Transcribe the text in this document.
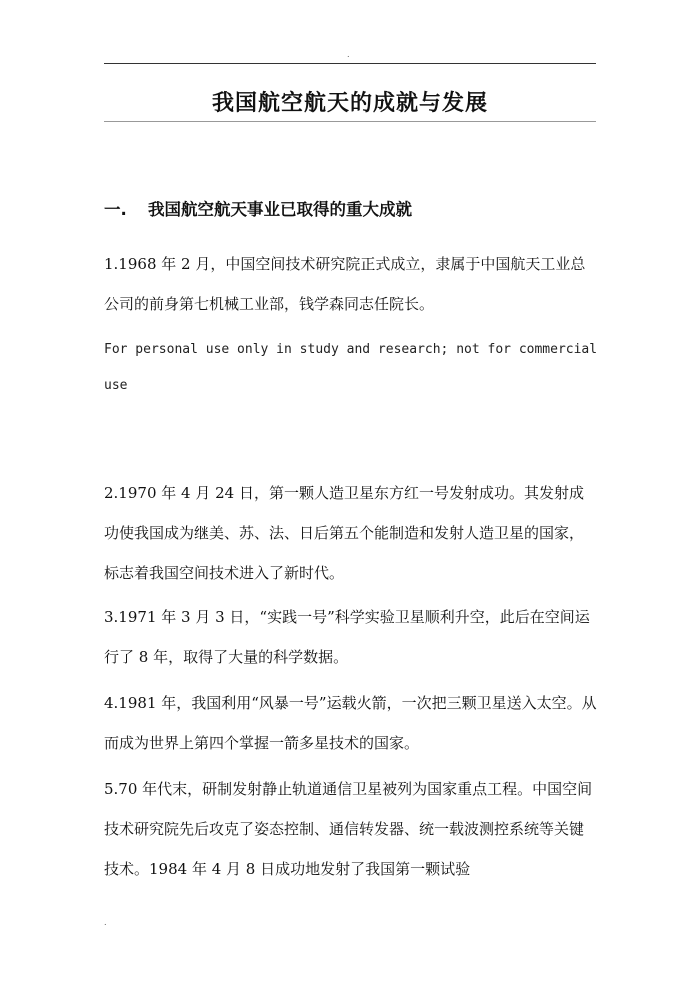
.
我国航空航天的成就与发展
一. 我国航空航天事业已取得的重大成就

1.1968 年 2 月，中国空间技术研究院正式成立，隶属于中国航天工业总公司的前身第七机械工业部，钱学森同志任院长。

For personal use only in study and research; not for commercial use

2.1970 年 4 月 24 日，第一颗人造卫星东方红一号发射成功。其发射成功使我国成为继美、苏、法、日后第五个能制造和发射人造卫星的国家，标志着我国空间技术进入了新时代。

3.1971 年 3 月 3 日，“实践一号”科学实验卫星顺利升空，此后在空间运行了 8 年，取得了大量的科学数据。

4.1981 年，我国利用“风暴一号”运载火箭，一次把三颗卫星送入太空。从而成为世界上第四个掌握一箭多星技术的国家。

5.70 年代末，研制发射静止轨道通信卫星被列为国家重点工程。中国空间技术研究院先后攻克了姿态控制、通信转发器、统一载波测控系统等关键技术。1984 年 4 月 8 日成功地发射了我国第一颗试验

.
